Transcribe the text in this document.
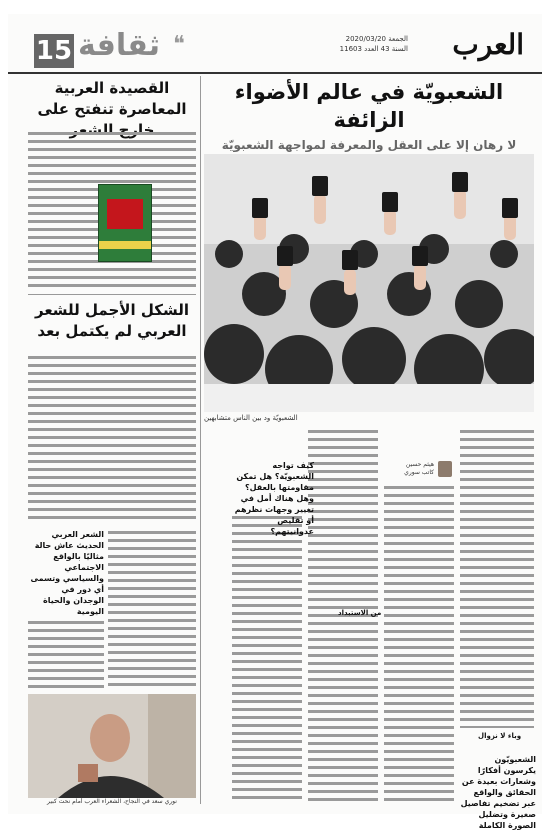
العرب
الجمعة 2020/03/20
السنة 43 العدد 11603
❝
ثقافة
15
الشعبويّة في عالم الأضواء الزائفة
لا رهان إلا على العقل والمعرفة لمواجهة الشعبويّة
الشعبويّة ود بين الناس متشابهين
هيثم حسين
كاتب سوري
كيف تواجه الشعبويّة؟ هل تمكن مقاومتها بالعقل؟ وهل هناك أمل في تغيير وجهات نظرهم أو تقليص عدوانيتهم؟
وباء لا نزوال
من الاستبداد
الشعبويّون يكرسون أفكارًا وشعارات بعيدة عن الحقائق والواقع عبر تضخيم تفاصيل صغيرة وتضليل الصورة الكاملة
القصيدة العربية المعاصرة تنفتح على
الشكل الأجمل للشعر العربي لم يكتمل بعد
الشعر العربي الحديث عاش حالة مثاليًا بالواقع الاجتماعي والسياسي وتسمى أي دور في الوجدان والحياة اليومية
نوري سعد في النجاح، الشعراء العرب أمام نحت كبير
